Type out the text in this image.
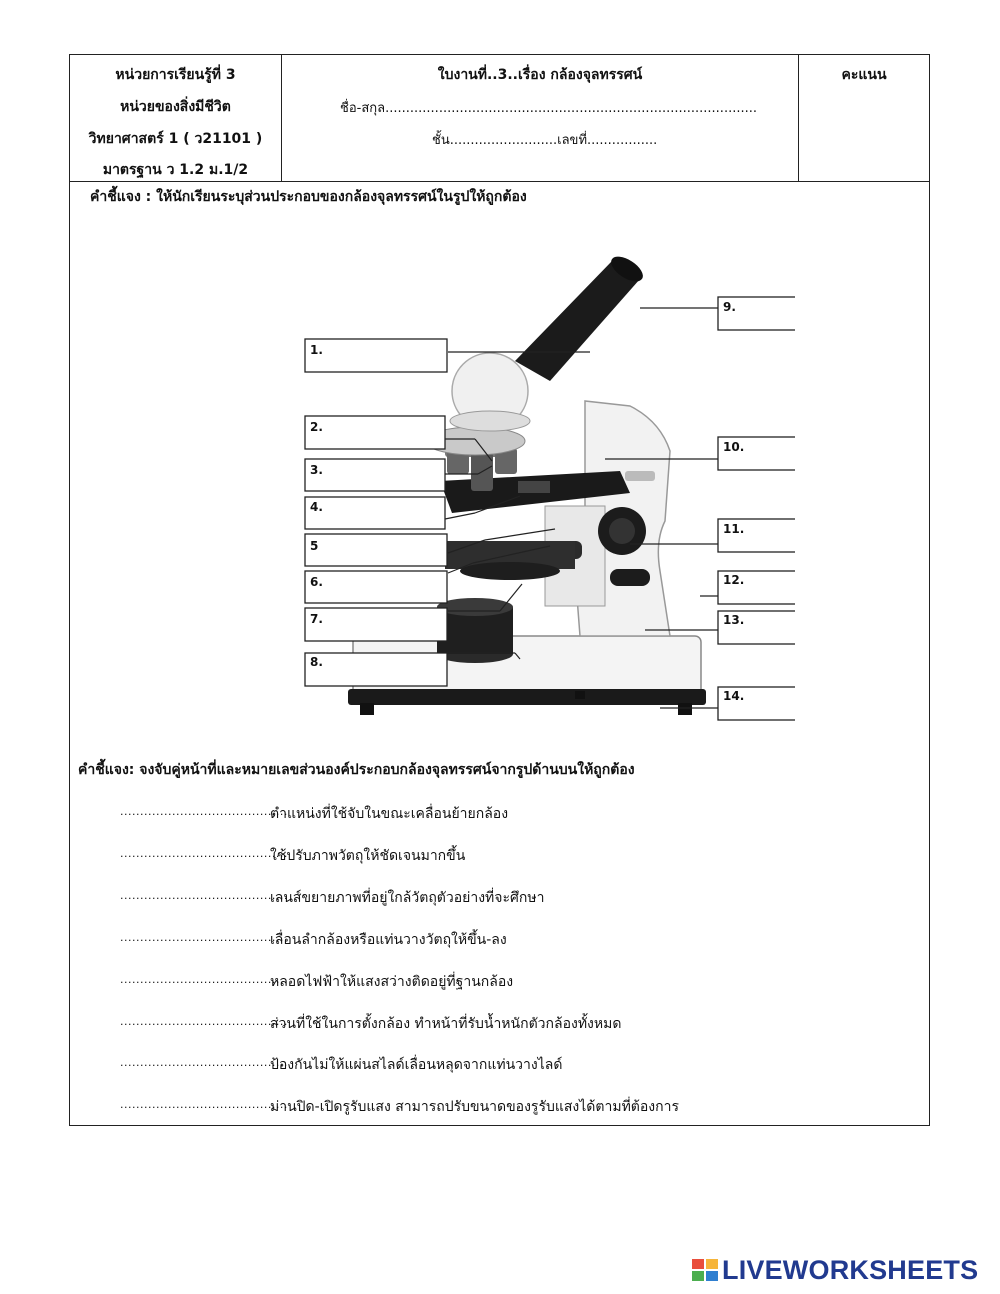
หน่วยการเรียนรู้ที่ 3
หน่วยของสิ่งมีชีวิต
วิทยาศาสตร์ 1 ( ว21101 )
มาตรฐาน ว 1.2 ม.1/2
ใบงานที่..3..เรื่อง กล้องจุลทรรศน์
ชื่อ-สกุล..........................................................................................
ชั้น..........................เลขที่.................
คะแนน
คำชี้แจง : ให้นักเรียนระบุส่วนประกอบของกล้องจุลทรรศน์ในรูปให้ถูกต้อง
1.
2.
3.
4.
5
6.
7.
8.
9.
10.
11.
12.
13.
14.
คำชี้แจง: จงจับคู่หน้าที่และหมายเลขส่วนองค์ประกอบกล้องจุลทรรศน์จากรูปด้านบนให้ถูกต้อง
..........................................
ตำแหน่งที่ใช้จับในขณะเคลื่อนย้ายกล้อง
..........................................
ใช้ปรับภาพวัตถุให้ชัดเจนมากขึ้น
..........................................
เลนส์ขยายภาพที่อยู่ใกล้วัตถุตัวอย่างที่จะศึกษา
..........................................
เลื่อนลำกล้องหรือแท่นวางวัตถุให้ขึ้น-ลง
..........................................
หลอดไฟฟ้าให้แสงสว่างติดอยู่ที่ฐานกล้อง
..........................................
ส่วนที่ใช้ในการตั้งกล้อง ทำหน้าที่รับน้ำหนักตัวกล้องทั้งหมด
..........................................
ป้องกันไม่ให้แผ่นสไลด์เลื่อนหลุดจากแท่นวางไลด์
..........................................
ม่านปิด-เปิดรูรับแสง สามารถปรับขนาดของรูรับแสงได้ตามที่ต้องการ
LIVEWORKSHEETS
